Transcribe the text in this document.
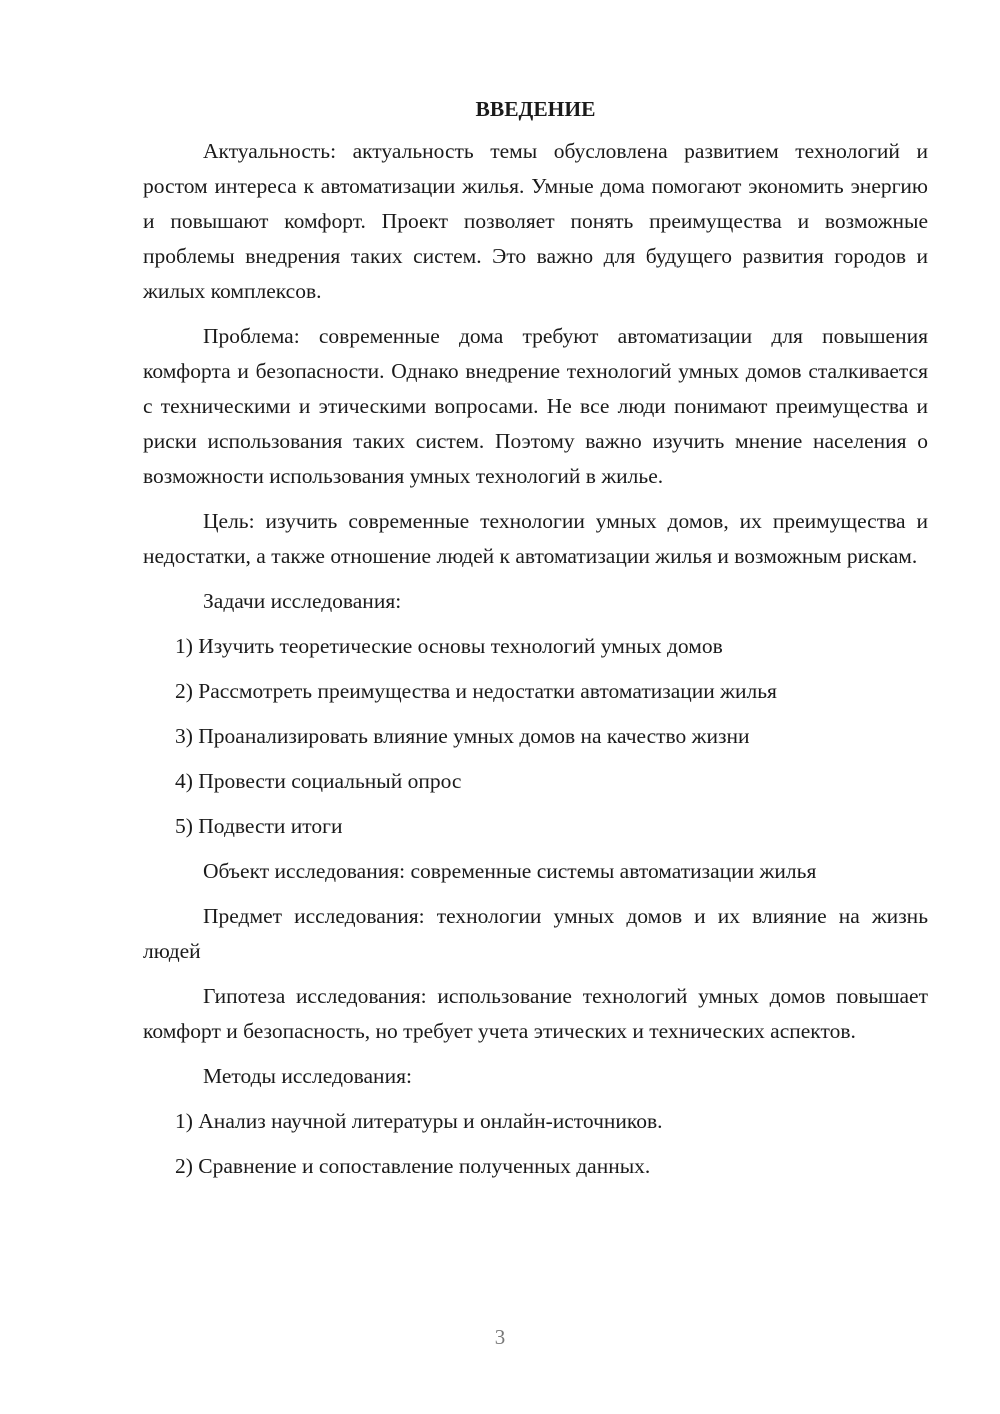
ВВЕДЕНИЕ

Актуальность: актуальность темы обусловлена развитием технологий и ростом интереса к автоматизации жилья. Умные дома помогают экономить энергию и повышают комфорт. Проект позволяет понять преимущества и возможные проблемы внедрения таких систем. Это важно для будущего развития городов и жилых комплексов.

Проблема: современные дома требуют автоматизации для повышения комфорта и безопасности. Однако внедрение технологий умных домов сталкивается с техническими и этическими вопросами. Не все люди понимают преимущества и риски использования таких систем. Поэтому важно изучить мнение населения о возможности использования умных технологий в жилье.

Цель: изучить современные технологии умных домов, их преимущества и недостатки, а также отношение людей к автоматизации жилья и возможным рискам.

Задачи исследования:

1) Изучить теоретические основы технологий умных домов
2) Рассмотреть преимущества и недостатки автоматизации жилья
3) Проанализировать влияние умных домов на качество жизни
4) Провести социальный опрос
5) Подвести итоги

Объект исследования: современные системы автоматизации жилья

Предмет исследования: технологии умных домов и их влияние на жизнь людей

Гипотеза исследования: использование технологий умных домов повышает комфорт и безопасность, но требует учета этических и технических аспектов.

Методы исследования:

1) Анализ научной литературы и онлайн-источников.
2) Сравнение и сопоставление полученных данных.
3
